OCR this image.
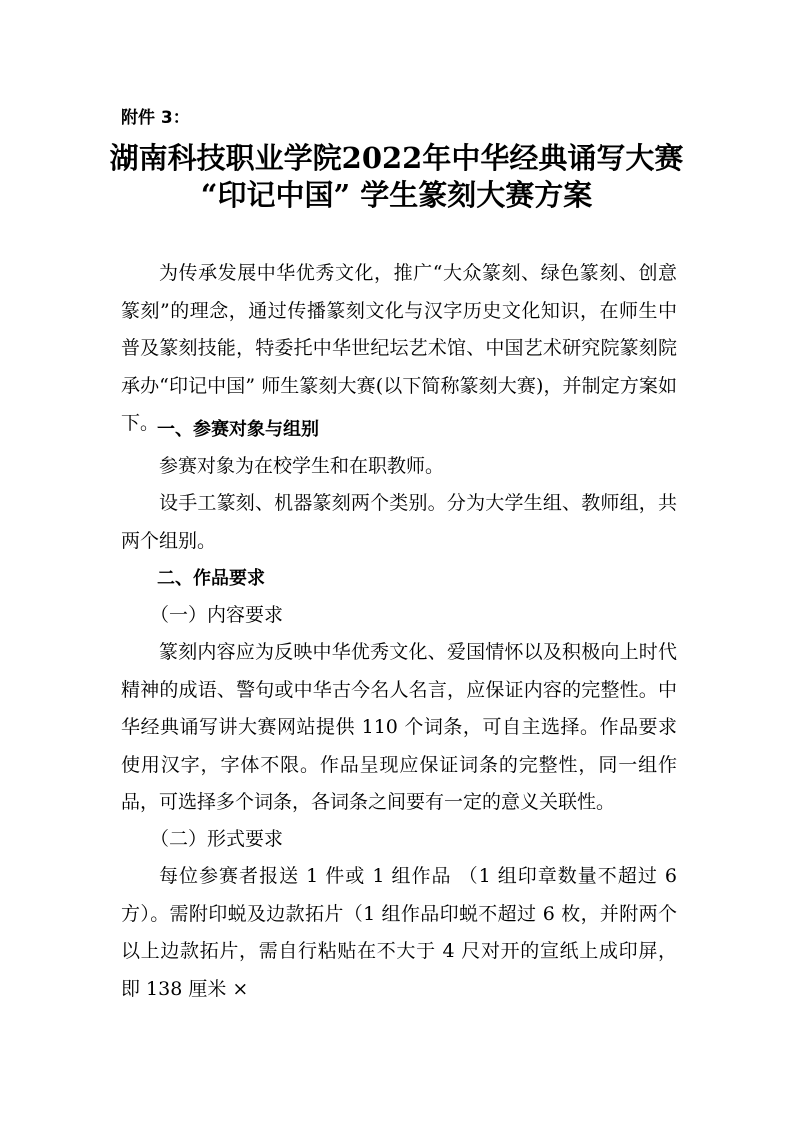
附件 3：
湖南科技职业学院2022年中华经典诵写大赛
“印记中国” 学生篆刻大赛方案

为传承发展中华优秀文化，推广“大众篆刻、绿色篆刻、创意篆刻”的理念，通过传播篆刻文化与汉字历史文化知识，在师生中普及篆刻技能，特委托中华世纪坛艺术馆、中国艺术研究院篆刻院承办“印记中国” 师生篆刻大赛(以下简称篆刻大赛)，并制定方案如下。

一、参赛对象与组别

参赛对象为在校学生和在职教师。

设手工篆刻、机器篆刻两个类别。分为大学生组、教师组，共两个组别。

二、作品要求
（一）内容要求

篆刻内容应为反映中华优秀文化、爱国情怀以及积极向上时代精神的成语、警句或中华古今名人名言，应保证内容的完整性。中华经典诵写讲大赛网站提供 110 个词条，可自主选择。作品要求使用汉字，字体不限。作品呈现应保证词条的完整性，同一组作品，可选择多个词条，各词条之间要有一定的意义关联性。

（二）形式要求

每位参赛者报送 1 件或 1 组作品 （1 组印章数量不超过 6 方）。需附印蜕及边款拓片（1 组作品印蜕不超过 6 枚，并附两个以上边款拓片，需自行粘贴在不大于 4 尺对开的宣纸上成印屏，即 138 厘米 ×
